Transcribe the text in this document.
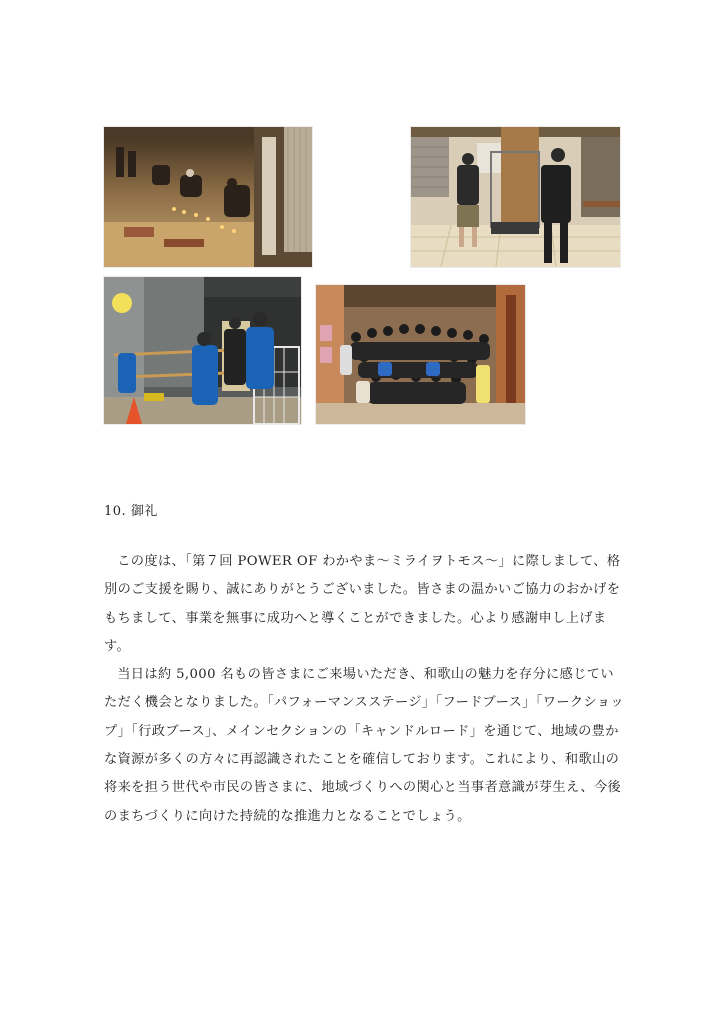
10. 御礼

この度は、「第７回 POWER OF わかやま～ミライヲトモス～」に際しまして、格別のご支援を賜り、誠にありがとうございました。皆さまの温かいご協力のおかげをもちまして、事業を無事に成功へと導くことができました。心より感謝申し上げます。

当日は約 5,000 名もの皆さまにご来場いただき、和歌山の魅力を存分に感じていただく機会となりました。「パフォーマンスステージ」「フードブース」「ワークショップ」「行政ブース」、メインセクションの「キャンドルロード」を通じて、地域の豊かな資源が多くの方々に再認識されたことを確信しております。これにより、和歌山の将来を担う世代や市民の皆さまに、地域づくりへの関心と当事者意識が芽生え、今後のまちづくりに向けた持続的な推進力となることでしょう。
